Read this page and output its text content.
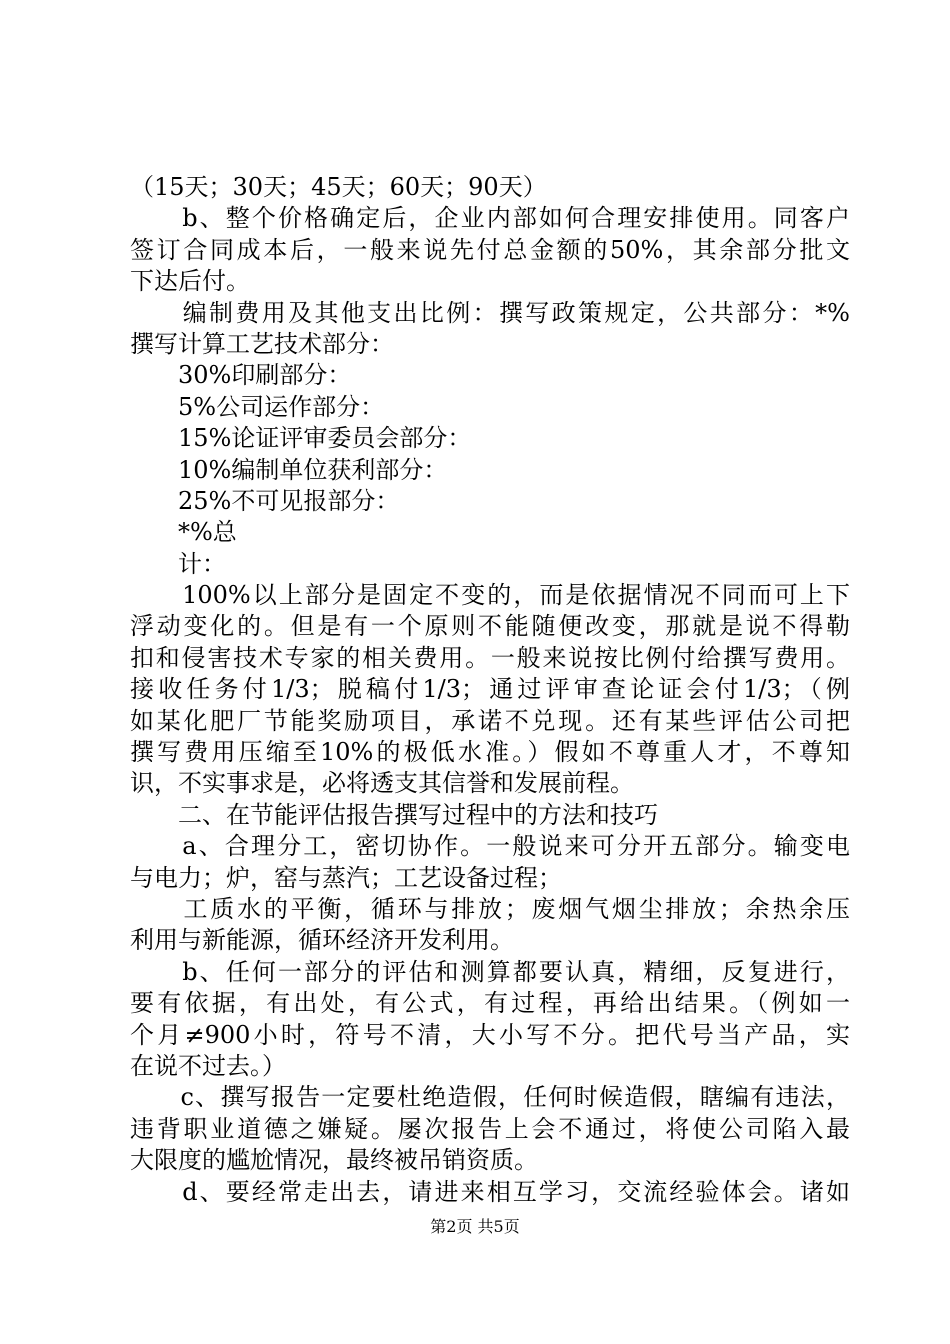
（15天；30天；45天；60天；90天）
　　b、整个价格确定后，企业内部如何合理安排使用。同客户
签订合同成本后，一般来说先付总金额的50%，其余部分批文
下达后付。
　　编制费用及其他支出比例：撰写政策规定，公共部分：*%
撰写计算工艺技术部分：
　　30%印刷部分：
　　5%公司运作部分：
　　15%论证评审委员会部分：
　　10%编制单位获利部分：
　　25%不可见报部分：
　　*%总
　　计：
　　100%以上部分是固定不变的，而是依据情况不同而可上下
浮动变化的。但是有一个原则不能随便改变，那就是说不得勒
扣和侵害技术专家的相关费用。一般来说按比例付给撰写费用。
接收任务付1/3；脱稿付1/3；通过评审查论证会付1/3；（例
如某化肥厂节能奖励项目，承诺不兑现。还有某些评估公司把
撰写费用压缩至10%的极低水准。）假如不尊重人才，不尊知
识，不实事求是，必将透支其信誉和发展前程。
　　二、在节能评估报告撰写过程中的方法和技巧
　　a、合理分工，密切协作。一般说来可分开五部分。输变电
与电力；炉，窑与蒸汽；工艺设备过程；
　　工质水的平衡，循环与排放；废烟气烟尘排放；余热余压
利用与新能源，循环经济开发利用。
　　b、任何一部分的评估和测算都要认真，精细，反复进行，
要有依据，有出处，有公式，有过程，再给出结果。（例如一
个月≠900小时，符号不清，大小写不分。把代号当产品，实
在说不过去。）
　　c、撰写报告一定要杜绝造假，任何时候造假，瞎编有违法，
违背职业道德之嫌疑。屡次报告上会不通过，将使公司陷入最
大限度的尴尬情况，最终被吊销资质。
　　d、要经常走出去，请进来相互学习，交流经验体会。诸如
第2页 共5页
